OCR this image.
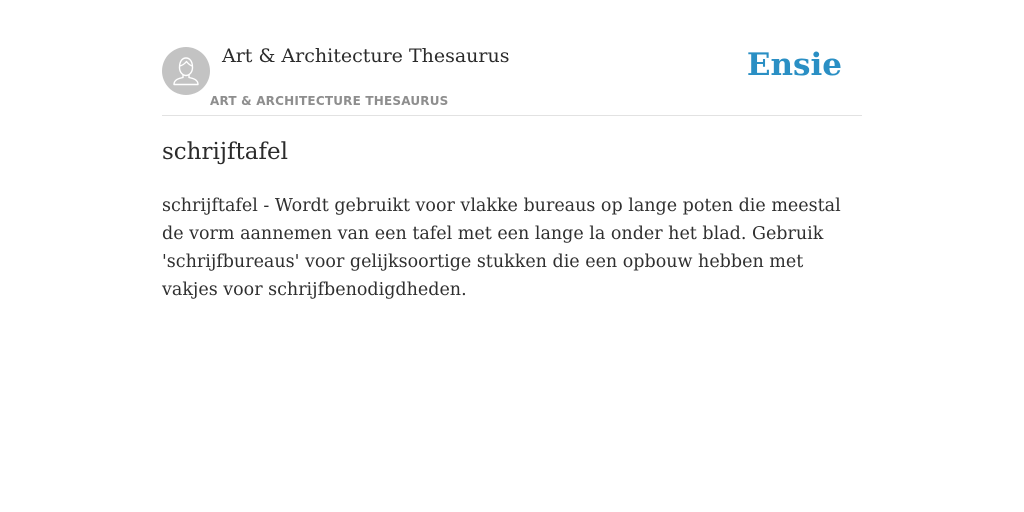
Art & Architecture Thesaurus
ART & ARCHITECTURE THESAURUS
Ensie
schrijftafel

schrijftafel - Wordt gebruikt voor vlakke bureaus op lange poten die meestal de vorm aannemen van een tafel met een lange la onder het blad. Gebruik 'schrijfbureaus' voor gelijksoortige stukken die een opbouw hebben met vakjes voor schrijfbenodigdheden.
